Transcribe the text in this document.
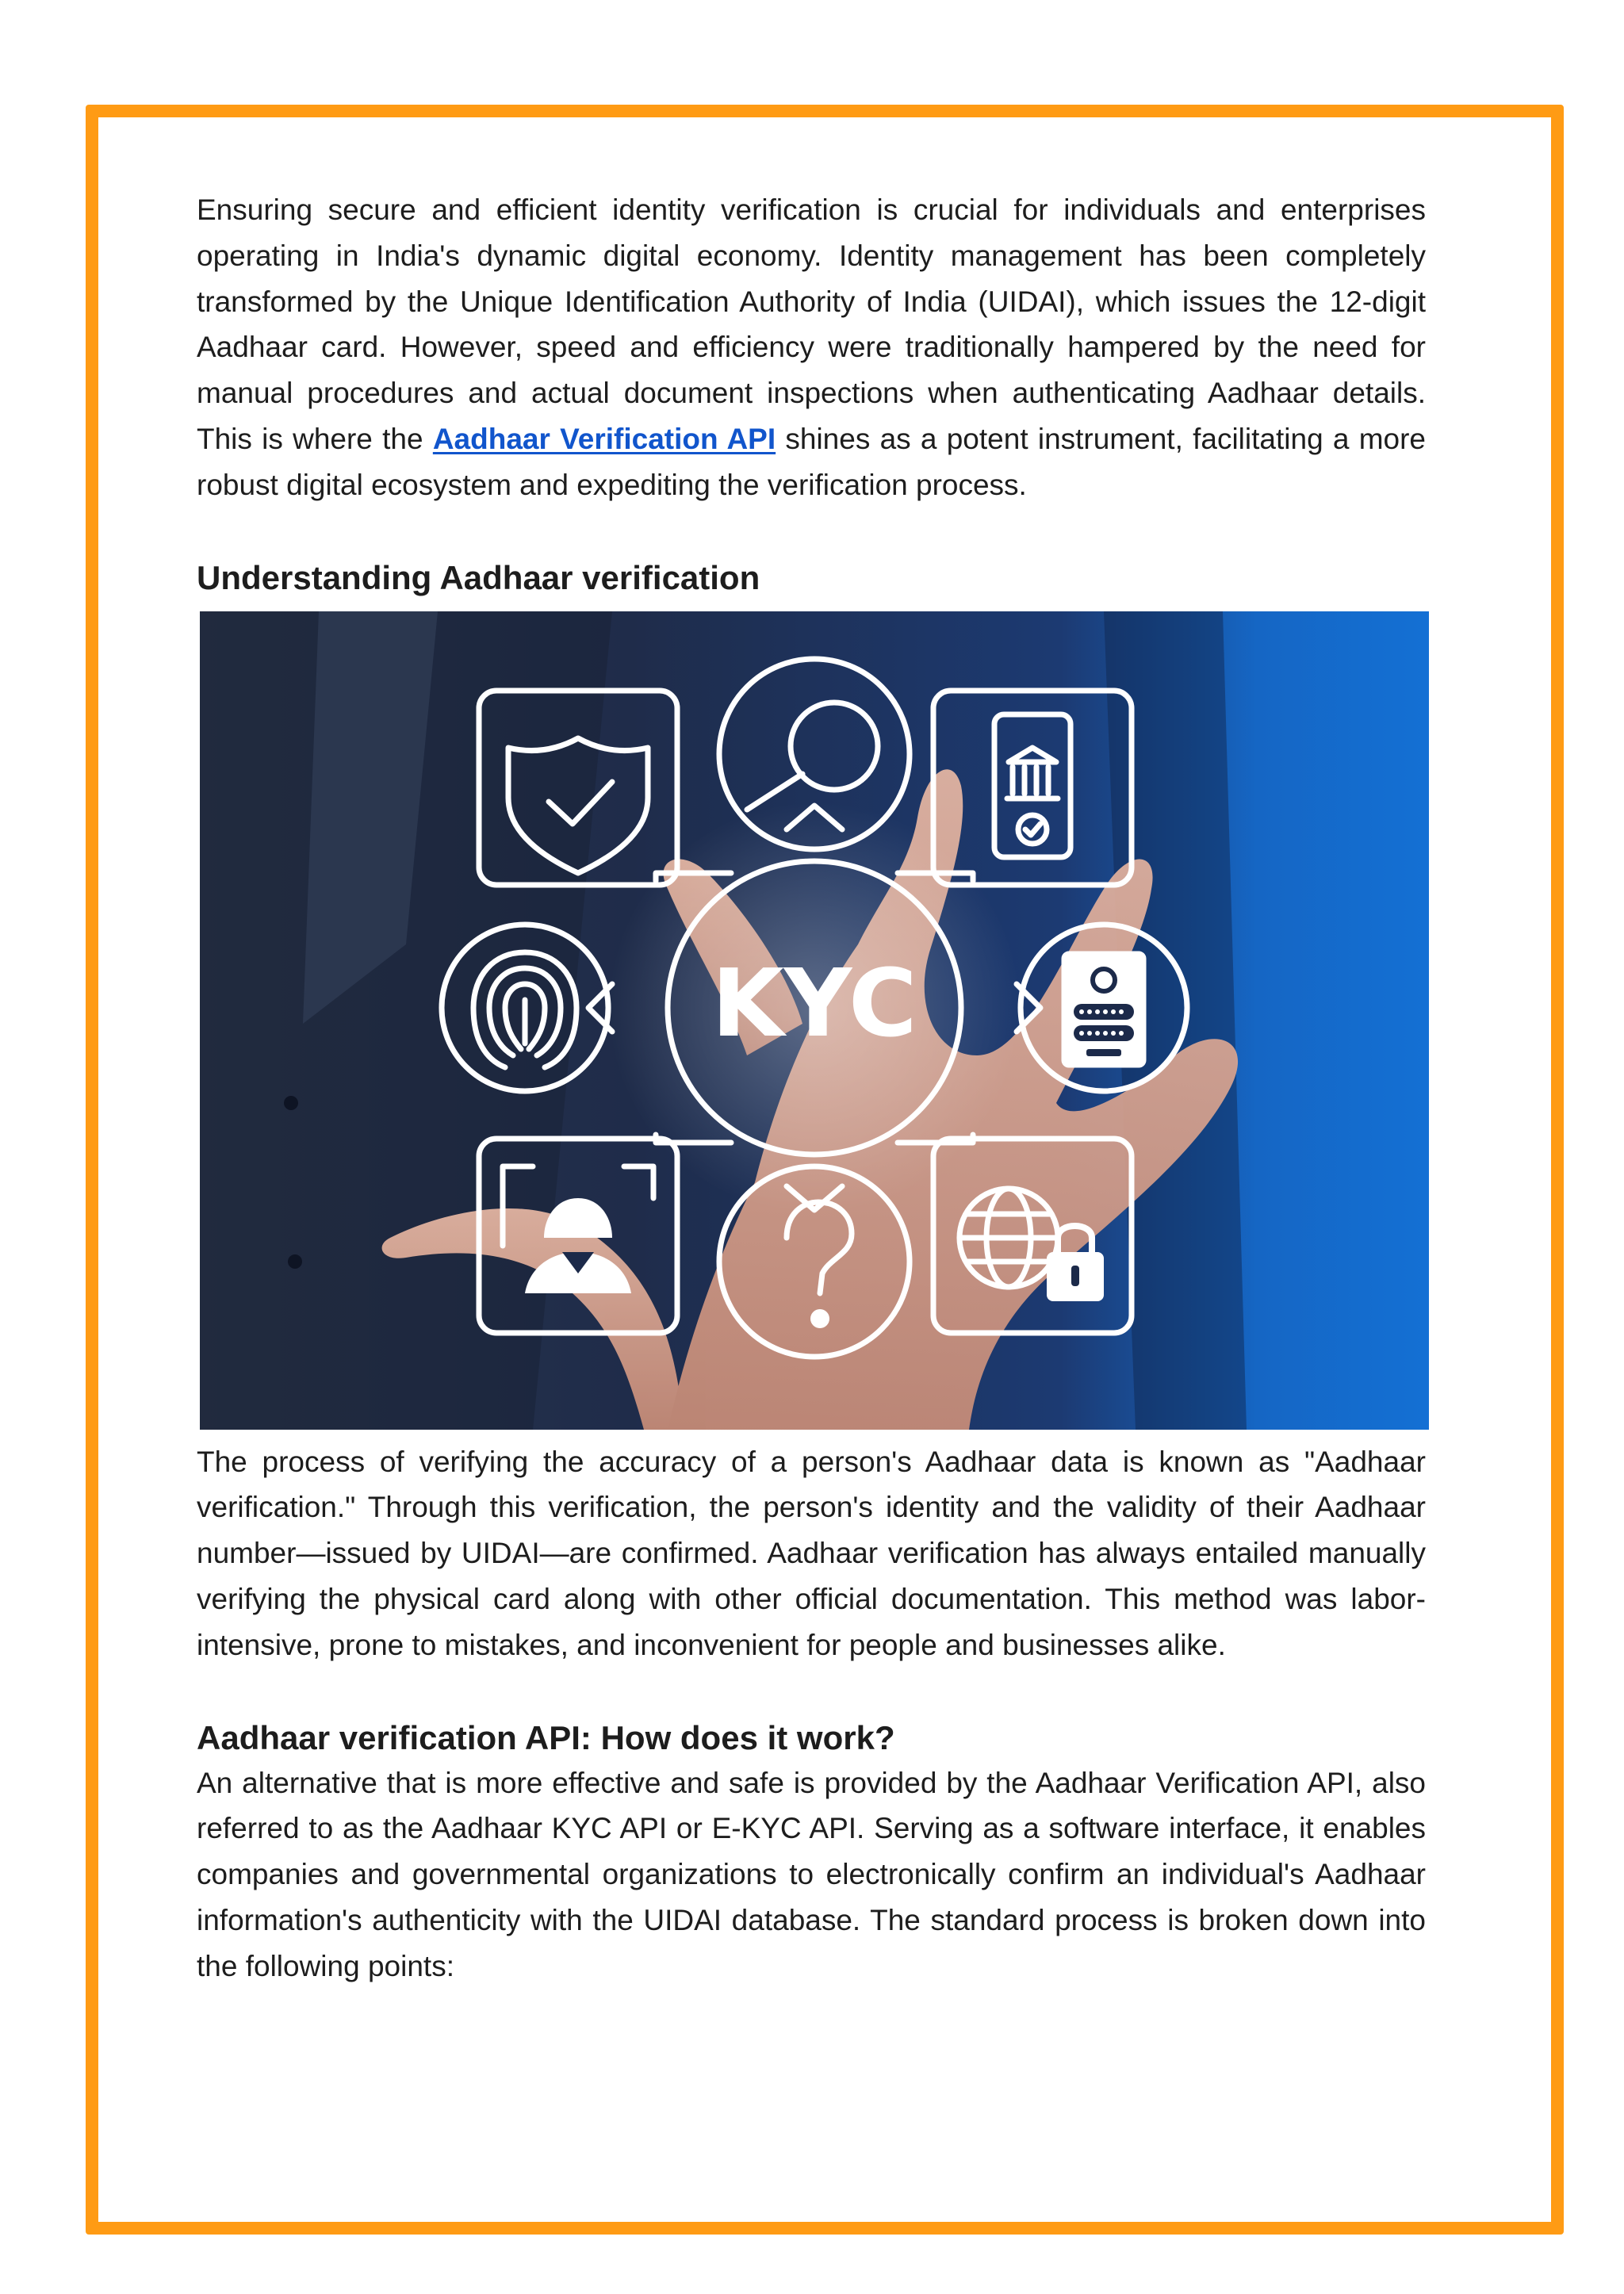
Ensuring secure and efficient identity verification is crucial for individuals and enterprises operating in India's dynamic digital economy. Identity management has been completely transformed by the Unique Identification Authority of India (UIDAI), which issues the 12-digit Aadhaar card. However, speed and efficiency were traditionally hampered by the need for manual procedures and actual document inspections when authenticating Aadhaar details. This is where the Aadhaar Verification API shines as a potent instrument, facilitating a more robust digital ecosystem and expediting the verification process.

Understanding Aadhaar verification
KYC

The process of verifying the accuracy of a person's Aadhaar data is known as "Aadhaar verification." Through this verification, the person's identity and the validity of their Aadhaar number—issued by UIDAI—are confirmed. Aadhaar verification has always entailed manually verifying the physical card along with other official documentation. This method was labor-intensive, prone to mistakes, and inconvenient for people and businesses alike.

Aadhaar verification API: How does it work?

An alternative that is more effective and safe is provided by the Aadhaar Verification API, also referred to as the Aadhaar KYC API or E-KYC API. Serving as a software interface, it enables companies and governmental organizations to electronically confirm an individual's Aadhaar information's authenticity with the UIDAI database. The standard process is broken down into the following points:
